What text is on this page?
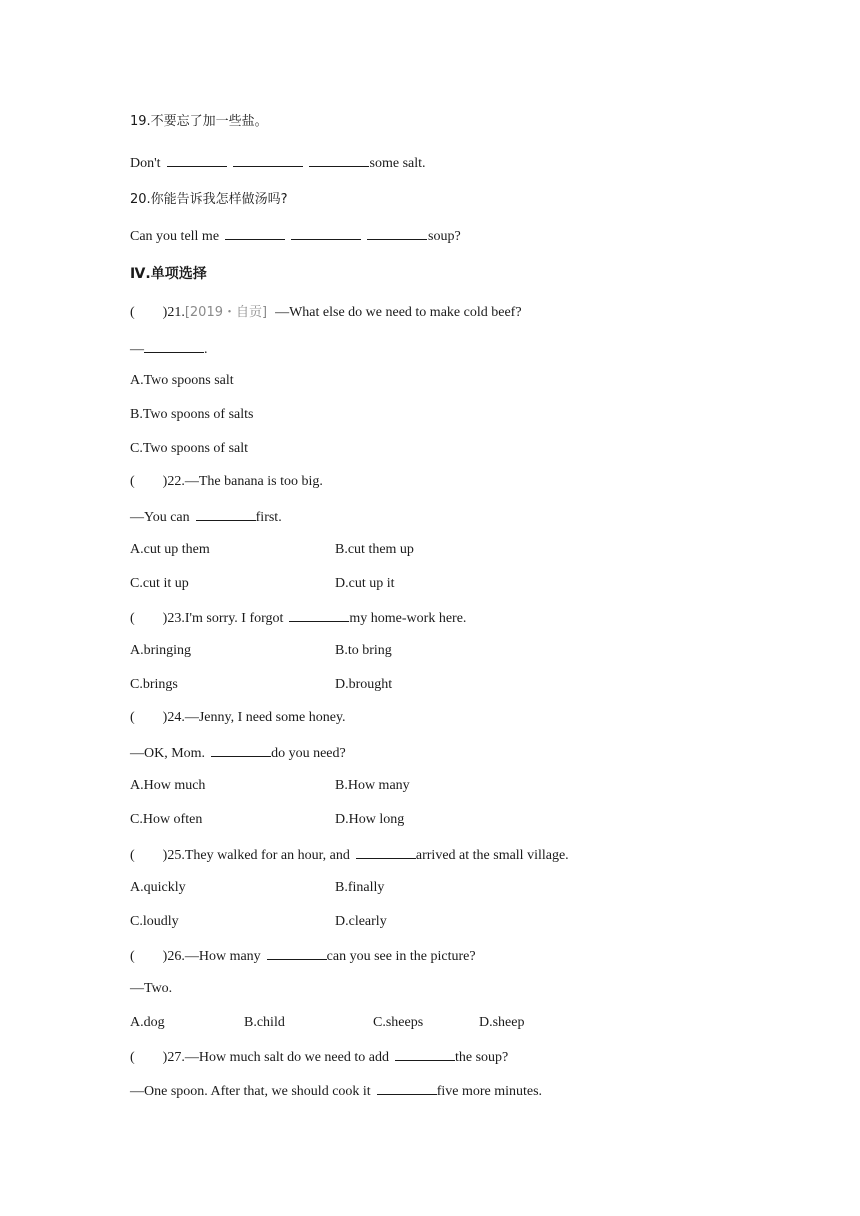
19.不要忘了加一些盐。
Don't	some salt.
20.你能告诉我怎样做汤吗?
Can you tell me	soup?
Ⅳ.单项选择
( )21.[2019・自贡] —What else do we need to make cold beef?
—	.
A.Two spoons salt
B.Two spoons of salts
C.Two spoons of salt
( )22.—The banana is too big.
—You can	first.
A.cut up them	B.cut them up
C.cut it up	D.cut up it
( )23.I'm sorry. I forgot	my home-work here.
A.bringing	B.to bring
C.brings	D.brought
( )24.—Jenny, I need some honey.
—OK, Mom.	do you need?
A.How much	B.How many
C.How often	D.How long
( )25.They walked for an hour, and	arrived at the small village.
A.quickly	B.finally
C.loudly	D.clearly
( )26.—How many	can you see in the picture?
—Two.
A.dog	B.child	C.sheeps	D.sheep
( )27.—How much salt do we need to add	the soup?
—One spoon. After that, we should cook it	five more minutes.
